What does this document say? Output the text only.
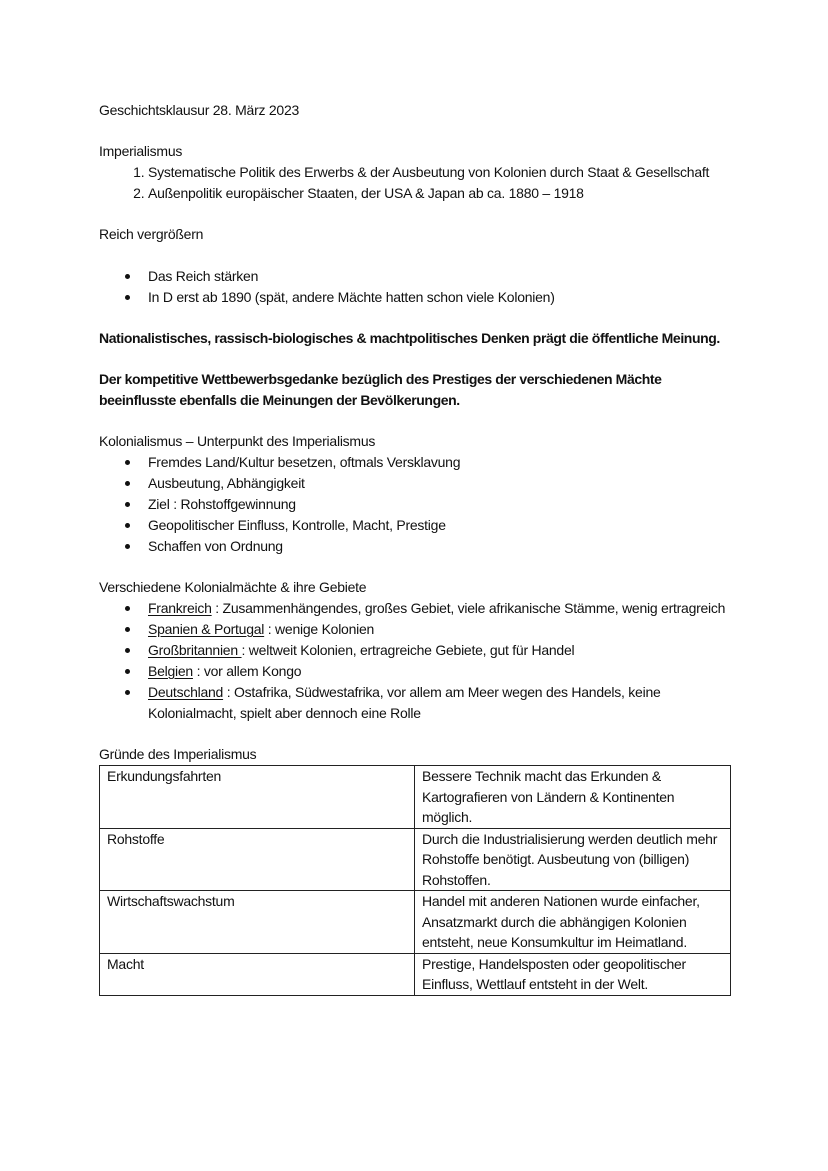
Geschichtsklausur 28. März 2023

Imperialismus

1. Systematische Politik des Erwerbs & der Ausbeutung von Kolonien durch Staat & Gesellschaft
2. Außenpolitik europäischer Staaten, der USA & Japan ab ca. 1880 – 1918

Reich vergrößern

Das Reich stärken
In D erst ab 1890 (spät, andere Mächte hatten schon viele Kolonien)

Nationalistisches, rassisch-biologisches & machtpolitisches Denken prägt die öffentliche Meinung.

Der kompetitive Wettbewerbsgedanke bezüglich des Prestiges der verschiedenen Mächte beeinflusste ebenfalls die Meinungen der Bevölkerungen.

Kolonialismus – Unterpunkt des Imperialismus

Fremdes Land/Kultur besetzen, oftmals Versklavung
Ausbeutung, Abhängigkeit
Ziel : Rohstoffgewinnung
Geopolitischer Einfluss, Kontrolle, Macht, Prestige
Schaffen von Ordnung

Verschiedene Kolonialmächte & ihre Gebiete

Frankreich : Zusammenhängendes, großes Gebiet, viele afrikanische Stämme, wenig ertragreich
Spanien & Portugal : wenige Kolonien
Großbritannien : weltweit Kolonien, ertragreiche Gebiete, gut für Handel
Belgien : vor allem Kongo
Deutschland : Ostafrika, Südwestafrika, vor allem am Meer wegen des Handels, keine Kolonialmacht, spielt aber dennoch eine Rolle

Gründe des Imperialismus

Erkundungsfahrten	Bessere Technik macht das Erkunden & Kartografieren von Ländern & Kontinenten möglich.
Rohstoffe	Durch die Industrialisierung werden deutlich mehr Rohstoffe benötigt. Ausbeutung von (billigen) Rohstoffen.
Wirtschaftswachstum	Handel mit anderen Nationen wurde einfacher, Ansatzmarkt durch die abhängigen Kolonien entsteht, neue Konsumkultur im Heimatland.
Macht	Prestige, Handelsposten oder geopolitischer Einfluss, Wettlauf entsteht in der Welt.
